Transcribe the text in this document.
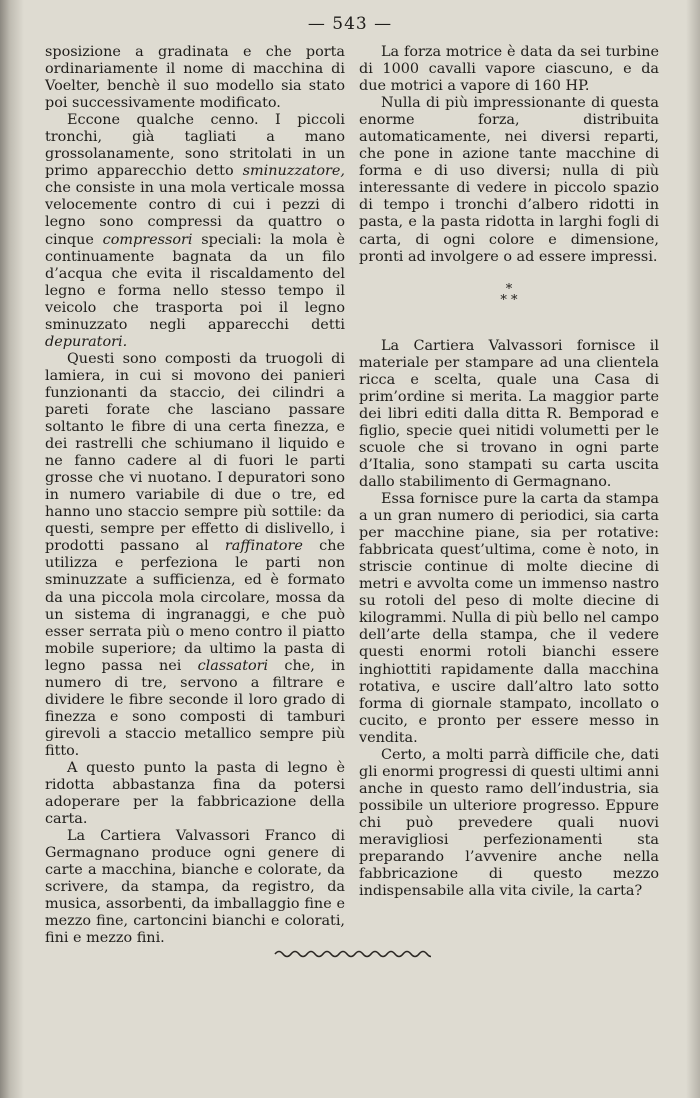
— 543 —

sposizione a gradinata e che porta ordinariamente il nome di macchina di Voelter, benchè il suo modello sia stato poi successivamente modificato.

Eccone qualche cenno. I piccoli tronchi, già tagliati a mano grossolanamente, sono stritolati in un primo apparecchio detto sminuzzatore, che consiste in una mola verticale mossa velocemente contro di cui i pezzi di legno sono compressi da quattro o cinque compressori speciali: la mola è continuamente bagnata da un filo d’acqua che evita il riscaldamento del legno e forma nello stesso tempo il veicolo che trasporta poi il legno sminuzzato negli apparecchi detti depuratori.

Questi sono composti da truogoli di lamiera, in cui si movono dei panieri funzionanti da staccio, dei cilindri a pareti forate che lasciano passare soltanto le fibre di una certa finezza, e dei rastrelli che schiumano il liquido e ne fanno cadere al di fuori le parti grosse che vi nuotano. I depuratori sono in numero variabile di due o tre, ed hanno uno staccio sempre più sottile: da questi, sempre per effetto di dislivello, i prodotti passano al raffinatore che utilizza e perfeziona le parti non sminuzzate a sufficienza, ed è formato da una piccola mola circolare, mossa da un sistema di ingranaggi, e che può esser serrata più o meno contro il piatto mobile superiore; da ultimo la pasta di legno passa nei classatori che, in numero di tre, servono a filtrare e dividere le fibre seconde il loro grado di finezza e sono composti di tamburi girevoli a staccio metallico sempre più fitto.

A questo punto la pasta di legno è ridotta abbastanza fina da potersi adoperare per la fabbricazione della carta.

La Cartiera Valvassori Franco di Germagnano produce ogni genere di carte a macchina, bianche e colorate, da scrivere, da stampa, da registro, da musica, assorbenti, da imballaggio fine e mezzo fine, cartoncini bianchi e colorati, fini e mezzo fini.

La forza motrice è data da sei turbine di 1000 cavalli vapore ciascuno, e da due motrici a vapore di 160 HP.

Nulla di più impressionante di questa enorme forza, distribuita automaticamente, nei diversi reparti, che pone in azione tante macchine di forma e di uso diversi; nulla di più interessante di vedere in piccolo spazio di tempo i tronchi d’albero ridotti in pasta, e la pasta ridotta in larghi fogli di carta, di ogni colore e dimensione, pronti ad involgere o ad essere impressi.

*
* *

La Cartiera Valvassori fornisce il materiale per stampare ad una clientela ricca e scelta, quale una Casa di prim’ordine si merita. La maggior parte dei libri editi dalla ditta R. Bemporad e figlio, specie quei nitidi volumetti per le scuole che si trovano in ogni parte d’Italia, sono stampati su carta uscita dallo stabilimento di Germagnano.

Essa fornisce pure la carta da stampa a un gran numero di periodici, sia carta per macchine piane, sia per rotative: fabbricata quest’ultima, come è noto, in striscie continue di molte diecine di metri e avvolta come un immenso nastro su rotoli del peso di molte diecine di kilogrammi. Nulla di più bello nel campo dell’arte della stampa, che il vedere questi enormi rotoli bianchi essere inghiottiti rapidamente dalla macchina rotativa, e uscire dall’altro lato sotto forma di giornale stampato, incollato o cucito, e pronto per essere messo in vendita.

Certo, a molti parrà difficile che, dati gli enormi progressi di questi ultimi anni anche in questo ramo dell’industria, sia possibile un ulteriore progresso. Eppure chi può prevedere quali nuovi meravigliosi perfezionamenti sta preparando l’avvenire anche nella fabbricazione di questo mezzo indispensabile alla vita civile, la carta?
